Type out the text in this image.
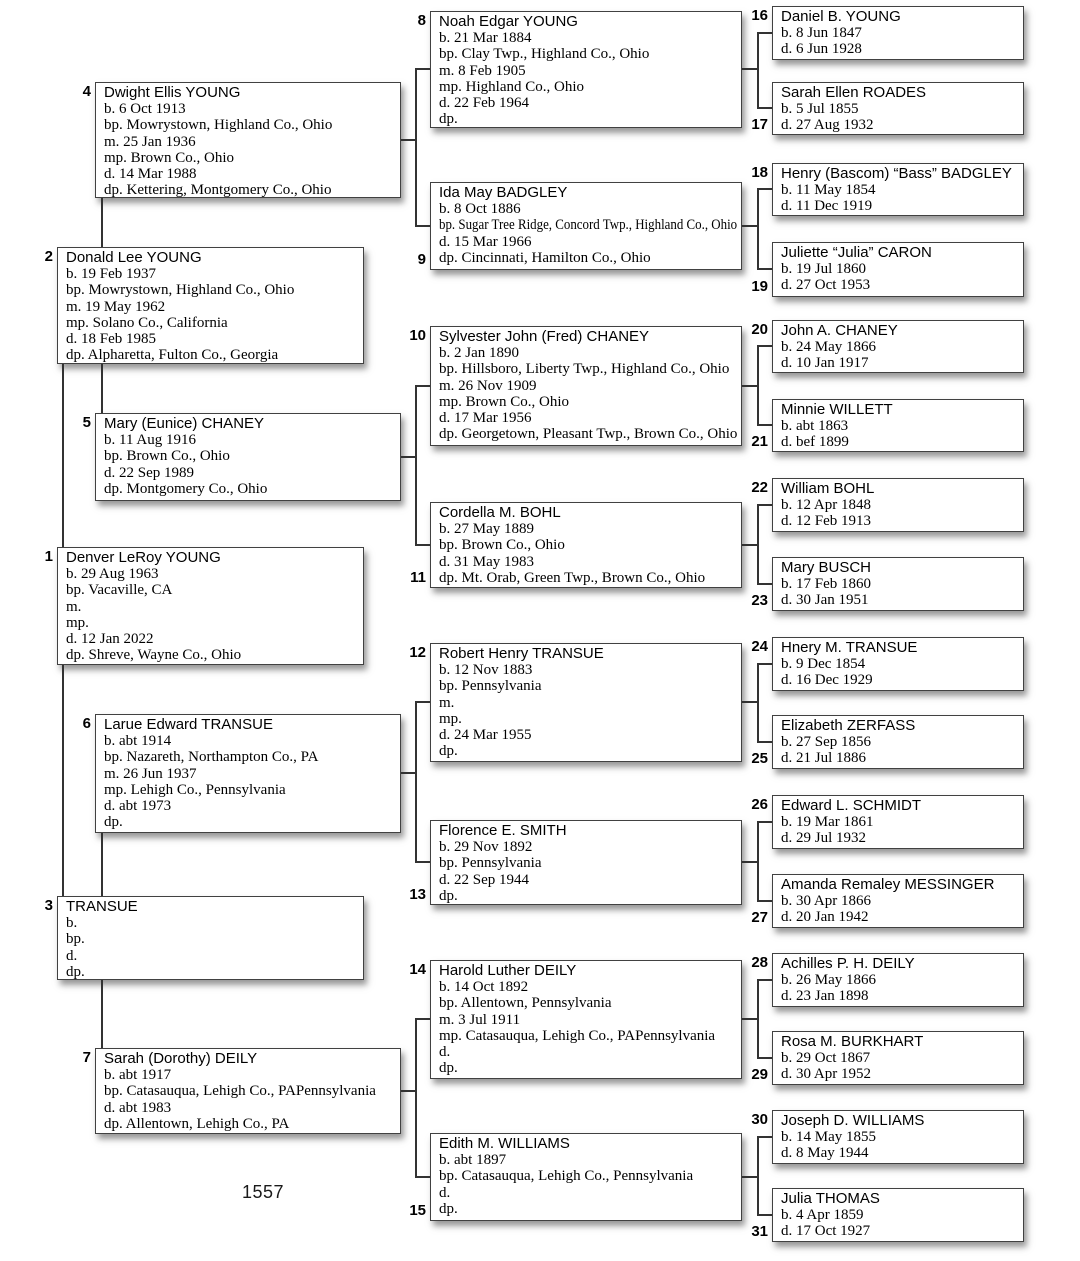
1557
1 Denver LeRoy YOUNG
b. 29 Aug 1963
bp. Vacaville, CA
m.
mp.
d. 12 Jan 2022
dp. Shreve, Wayne Co., Ohio
2 Donald Lee YOUNG
b. 19 Feb 1937
bp. Mowrystown, Highland Co., Ohio
m. 19 May 1962
mp. Solano Co., California
d. 18 Feb 1985
dp. Alpharetta, Fulton Co., Georgia
3 TRANSUE
b.
bp.
d.
dp.
4 Dwight Ellis YOUNG
b. 6 Oct 1913
bp. Mowrystown, Highland Co., Ohio
m. 25 Jan 1936
mp. Brown Co., Ohio
d. 14 Mar 1988
dp. Kettering, Montgomery Co., Ohio
5 Mary (Eunice) CHANEY
b. 11 Aug 1916
bp. Brown Co., Ohio
d. 22 Sep 1989
dp. Montgomery Co., Ohio
6 Larue Edward TRANSUE
b. abt 1914
bp. Nazareth, Northampton Co., PA
m. 26 Jun 1937
mp. Lehigh Co., Pennsylvania
d. abt 1973
dp.
7 Sarah (Dorothy) DEILY
b. abt 1917
bp. Catasauqua, Lehigh Co., PAPennsylvania
d. abt 1983
dp. Allentown, Lehigh Co., PA
8 Noah Edgar YOUNG
b. 21 Mar 1884
bp. Clay Twp., Highland Co., Ohio
m. 8 Feb 1905
mp. Highland Co., Ohio
d. 22 Feb 1964
dp.
9
Ida May BADGLEY
b. 8 Oct 1886
bp. Sugar Tree Ridge, Concord Twp., Highland Co., Ohio
d. 15 Mar 1966
dp. Cincinnati, Hamilton Co., Ohio
10 Sylvester John (Fred) CHANEY
b. 2 Jan 1890
bp. Hillsboro, Liberty Twp., Highland Co., Ohio
m. 26 Nov 1909
mp. Brown Co., Ohio
d. 17 Mar 1956
dp. Georgetown, Pleasant Twp., Brown Co., Ohio
11
Cordella M. BOHL
b. 27 May 1889
bp. Brown Co., Ohio
d. 31 May 1983
dp. Mt. Orab, Green Twp., Brown Co., Ohio
12 Robert Henry TRANSUE
b. 12 Nov 1883
bp. Pennsylvania
m.
mp.
d. 24 Mar 1955
dp.
13
Florence E. SMITH
b. 29 Nov 1892
bp. Pennsylvania
d. 22 Sep 1944
dp.
14 Harold Luther DEILY
b. 14 Oct 1892
bp. Allentown, Pennsylvania
m. 3 Jul 1911
mp. Catasauqua, Lehigh Co., PAPennsylvania
d.
dp.
15
Edith M. WILLIAMS
b. abt 1897
bp. Catasauqua, Lehigh Co., Pennsylvania
d.
dp.
16 Daniel B. YOUNG
b. 8 Jun 1847
d. 6 Jun 1928
17
Sarah Ellen ROADES
b. 5 Jul 1855
d. 27 Aug 1932
18 Henry (Bascom) “Bass” BADGLEY
b. 11 May 1854
d. 11 Dec 1919
19
Juliette “Julia” CARON
b. 19 Jul 1860
d. 27 Oct 1953
20 John A. CHANEY
b. 24 May 1866
d. 10 Jan 1917
21
Minnie WILLETT
b. abt 1863
d. bef 1899
22 William BOHL
b. 12 Apr 1848
d. 12 Feb 1913
23
Mary BUSCH
b. 17 Feb 1860
d. 30 Jan 1951
24 Hnery M. TRANSUE
b. 9 Dec 1854
d. 16 Dec 1929
25
Elizabeth ZERFASS
b. 27 Sep 1856
d. 21 Jul 1886
26 Edward L. SCHMIDT
b. 19 Mar 1861
d. 29 Jul 1932
27
Amanda Remaley MESSINGER
b. 30 Apr 1866
d. 20 Jan 1942
28 Achilles P. H. DEILY
b. 26 May 1866
d. 23 Jan 1898
29
Rosa M. BURKHART
b. 29 Oct 1867
d. 30 Apr 1952
30 Joseph D. WILLIAMS
b. 14 May 1855
d. 8 May 1944
31
Julia THOMAS
b. 4 Apr 1859
d. 17 Oct 1927
